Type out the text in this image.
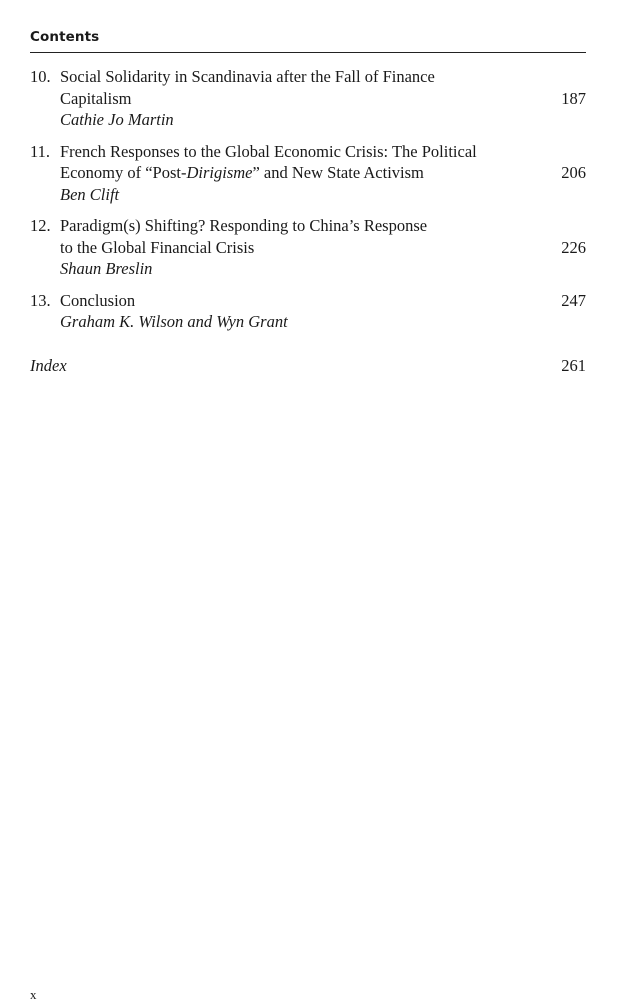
Contents
10. Social Solidarity in Scandinavia after the Fall of Finance
Capitalism
Cathie Jo Martin
187
11. French Responses to the Global Economic Crisis: The Political
Economy of “Post-Dirigisme” and New State Activism
Ben Clift
206
12. Paradigm(s) Shifting? Responding to China’s Response
to the Global Financial Crisis
Shaun Breslin
226
13. Conclusion
Graham K. Wilson and Wyn Grant
247
Index	261
x
